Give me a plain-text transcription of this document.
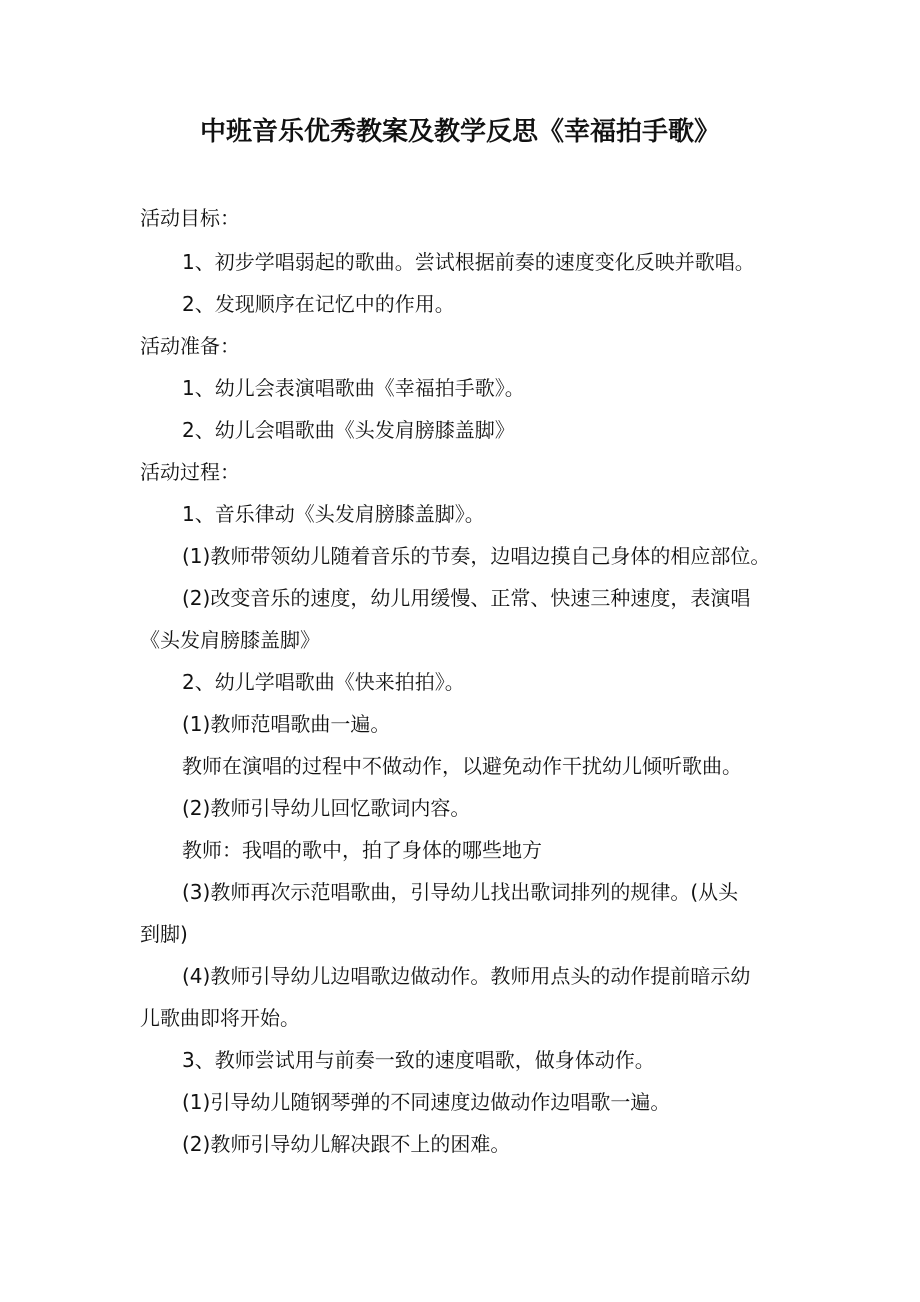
中班音乐优秀教案及教学反思《幸福拍手歌》
活动目标：
1、初步学唱弱起的歌曲。尝试根据前奏的速度变化反映并歌唱。
2、发现顺序在记忆中的作用。
活动准备：
1、幼儿会表演唱歌曲《幸福拍手歌》。
2、幼儿会唱歌曲《头发肩膀膝盖脚》
活动过程：
1、音乐律动《头发肩膀膝盖脚》。
(1)教师带领幼儿随着音乐的节奏，边唱边摸自己身体的相应部位。
(2)改变音乐的速度，幼儿用缓慢、正常、快速三种速度，表演唱
《头发肩膀膝盖脚》
2、幼儿学唱歌曲《快来拍拍》。
(1)教师范唱歌曲一遍。
教师在演唱的过程中不做动作，以避免动作干扰幼儿倾听歌曲。
(2)教师引导幼儿回忆歌词内容。
教师：我唱的歌中，拍了身体的哪些地方
(3)教师再次示范唱歌曲，引导幼儿找出歌词排列的规律。(从头
到脚)
(4)教师引导幼儿边唱歌边做动作。教师用点头的动作提前暗示幼
儿歌曲即将开始。
3、教师尝试用与前奏一致的速度唱歌，做身体动作。
(1)引导幼儿随钢琴弹的不同速度边做动作边唱歌一遍。
(2)教师引导幼儿解决跟不上的困难。
